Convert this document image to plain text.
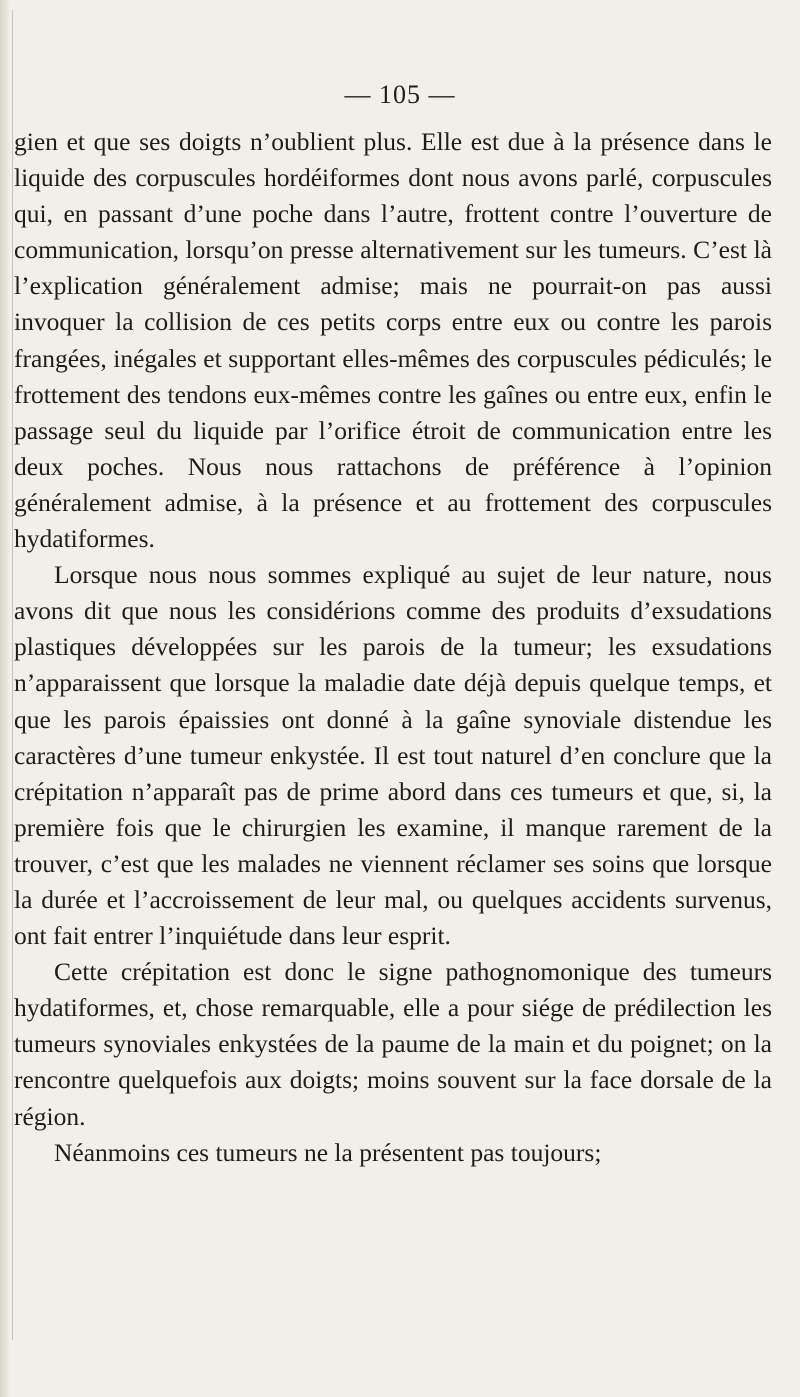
— 105 —

gien et que ses doigts n’oublient plus. Elle est due à la présence dans le liquide des corpuscules hordéiformes dont nous avons parlé, corpuscules qui, en passant d’une poche dans l’autre, frottent contre l’ouverture de communication, lorsqu’on presse alternativement sur les tumeurs. C’est là l’explication généralement admise; mais ne pourrait-on pas aussi invoquer la collision de ces petits corps entre eux ou contre les parois frangées, inégales et supportant elles-mêmes des corpuscules pédiculés; le frottement des tendons eux-mêmes contre les gaînes ou entre eux, enfin le passage seul du liquide par l’orifice étroit de communication entre les deux poches. Nous nous rattachons de préférence à l’opinion généralement admise, à la présence et au frottement des corpuscules hydatiformes.

Lorsque nous nous sommes expliqué au sujet de leur nature, nous avons dit que nous les considérions comme des produits d’exsudations plastiques développées sur les parois de la tumeur; les exsudations n’apparaissent que lorsque la maladie date déjà depuis quelque temps, et que les parois épaissies ont donné à la gaîne synoviale distendue les caractères d’une tumeur enkystée. Il est tout naturel d’en conclure que la crépitation n’apparaît pas de prime abord dans ces tumeurs et que, si, la première fois que le chirurgien les examine, il manque rarement de la trouver, c’est que les malades ne viennent réclamer ses soins que lorsque la durée et l’accroissement de leur mal, ou quelques accidents survenus, ont fait entrer l’inquiétude dans leur esprit.

Cette crépitation est donc le signe pathognomonique des tumeurs hydatiformes, et, chose remarquable, elle a pour siége de prédilection les tumeurs synoviales enkystées de la paume de la main et du poignet; on la rencontre quelquefois aux doigts; moins souvent sur la face dorsale de la région.

Néanmoins ces tumeurs ne la présentent pas toujours;
